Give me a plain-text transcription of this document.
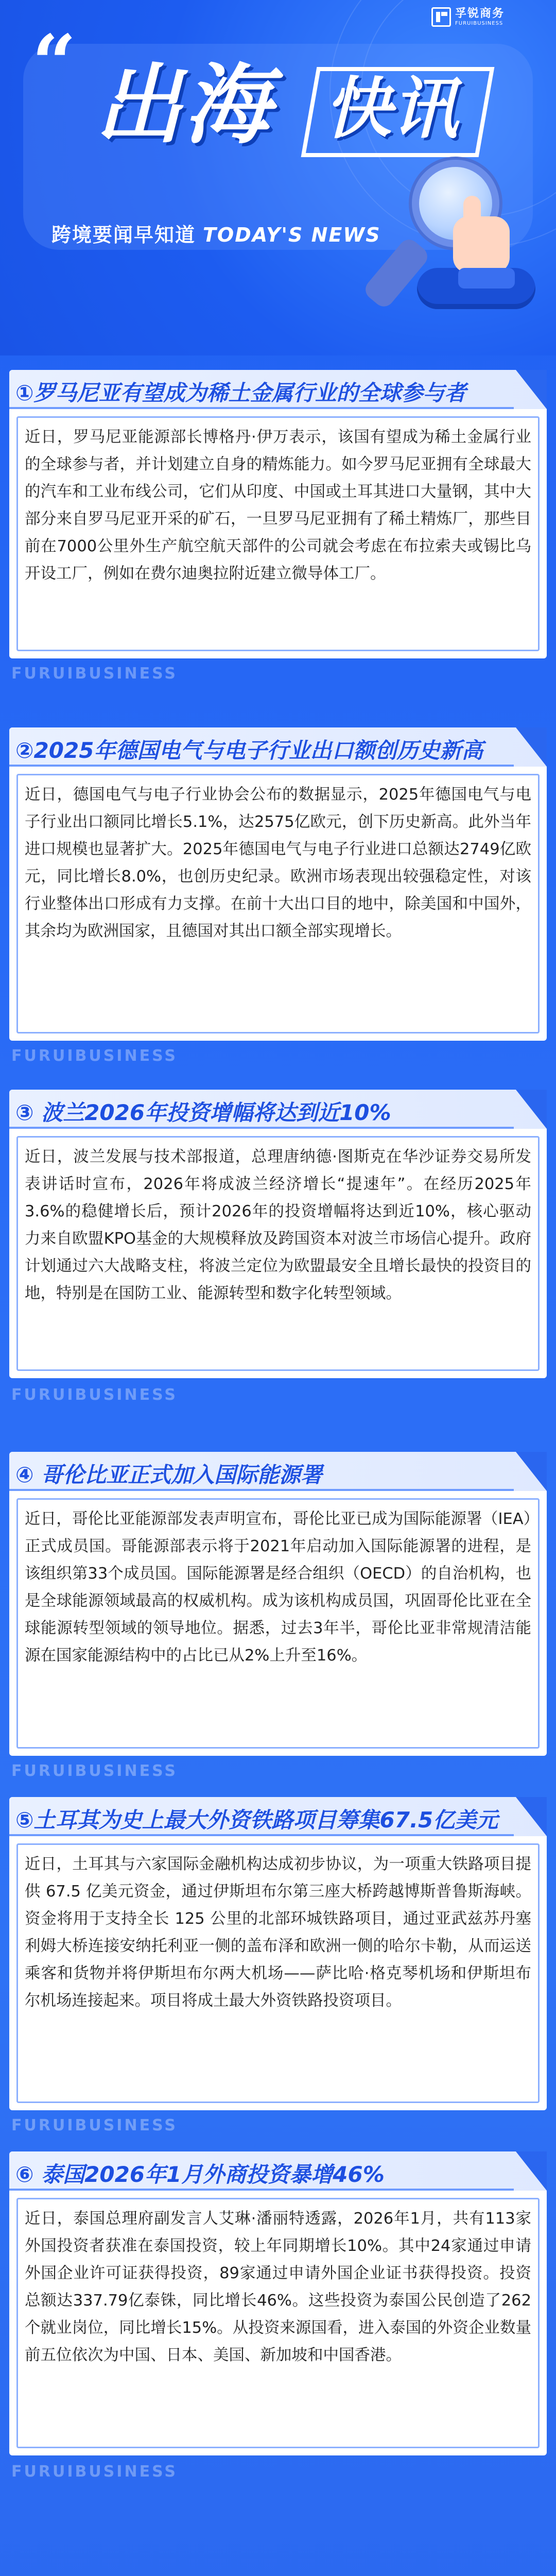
“
孚锐商务
FURUIBUSINESS
出海 快讯
跨境要闻早知道 TODAY'S NEWS
①罗马尼亚有望成为稀土金属行业的全球参与者
近日，罗马尼亚能源部长博格丹·伊万表示，该国有望成为稀土金属行业的全球参与者，并计划建立自身的精炼能力。如今罗马尼亚拥有全球最大的汽车和工业布线公司，它们从印度、中国或土耳其进口大量钢，其中大部分来自罗马尼亚开采的矿石，一旦罗马尼亚拥有了稀土精炼厂，那些目前在7000公里外生产航空航天部件的公司就会考虑在布拉索夫或锡比乌开设工厂，例如在费尔迪奥拉附近建立微导体工厂。
FURUIBUSINESS
②2025年德国电气与电子行业出口额创历史新高
近日，德国电气与电子行业协会公布的数据显示，2025年德国电气与电子行业出口额同比增长5.1%，达2575亿欧元，创下历史新高。此外当年进口规模也显著扩大。2025年德国电气与电子行业进口总额达2749亿欧元，同比增长8.0%，也创历史纪录。欧洲市场表现出较强稳定性，对该行业整体出口形成有力支撑。在前十大出口目的地中，除美国和中国外，其余均为欧洲国家，且德国对其出口额全部实现增长。
FURUIBUSINESS
③ 波兰2026年投资增幅将达到近10%
近日，波兰发展与技术部报道，总理唐纳德·图斯克在华沙证券交易所发表讲话时宣布，2026年将成波兰经济增长“提速年”。在经历2025年3.6%的稳健增长后，预计2026年的投资增幅将达到近10%，核心驱动力来自欧盟KPO基金的大规模释放及跨国资本对波兰市场信心提升。政府计划通过六大战略支柱，将波兰定位为欧盟最安全且增长最快的投资目的地，特别是在国防工业、能源转型和数字化转型领域。
FURUIBUSINESS
④ 哥伦比亚正式加入国际能源署
近日，哥伦比亚能源部发表声明宣布，哥伦比亚已成为国际能源署（IEA）正式成员国。哥能源部表示将于2021年启动加入国际能源署的进程，是该组织第33个成员国。国际能源署是经合组织（OECD）的自治机构，也是全球能源领域最高的权威机构。成为该机构成员国，巩固哥伦比亚在全球能源转型领域的领导地位。据悉，过去3年半，哥伦比亚非常规清洁能源在国家能源结构中的占比已从2%上升至16%。
FURUIBUSINESS
⑤土耳其为史上最大外资铁路项目筹集67.5亿美元
近日，土耳其与六家国际金融机构达成初步协议，为一项重大铁路项目提供 67.5 亿美元资金，通过伊斯坦布尔第三座大桥跨越博斯普鲁斯海峡。资金将用于支持全长 125 公里的北部环城铁路项目，通过亚武兹苏丹塞利姆大桥连接安纳托利亚一侧的盖布泽和欧洲一侧的哈尔卡勒，从而运送乘客和货物并将伊斯坦布尔两大机场——萨比哈·格克琴机场和伊斯坦布尔机场连接起来。项目将成土最大外资铁路投资项目。
FURUIBUSINESS
⑥ 泰国2026年1月外商投资暴增46%
近日，泰国总理府副发言人艾琳·潘丽特透露，2026年1月，共有113家外国投资者获准在泰国投资，较上年同期增长10%。其中24家通过申请外国企业许可证获得投资，89家通过申请外国企业证书获得投资。投资总额达337.79亿泰铢，同比增长46%。这些投资为泰国公民创造了262个就业岗位，同比增长15%。从投资来源国看，进入泰国的外资企业数量前五位依次为中国、日本、美国、新加坡和中国香港。
FURUIBUSINESS
